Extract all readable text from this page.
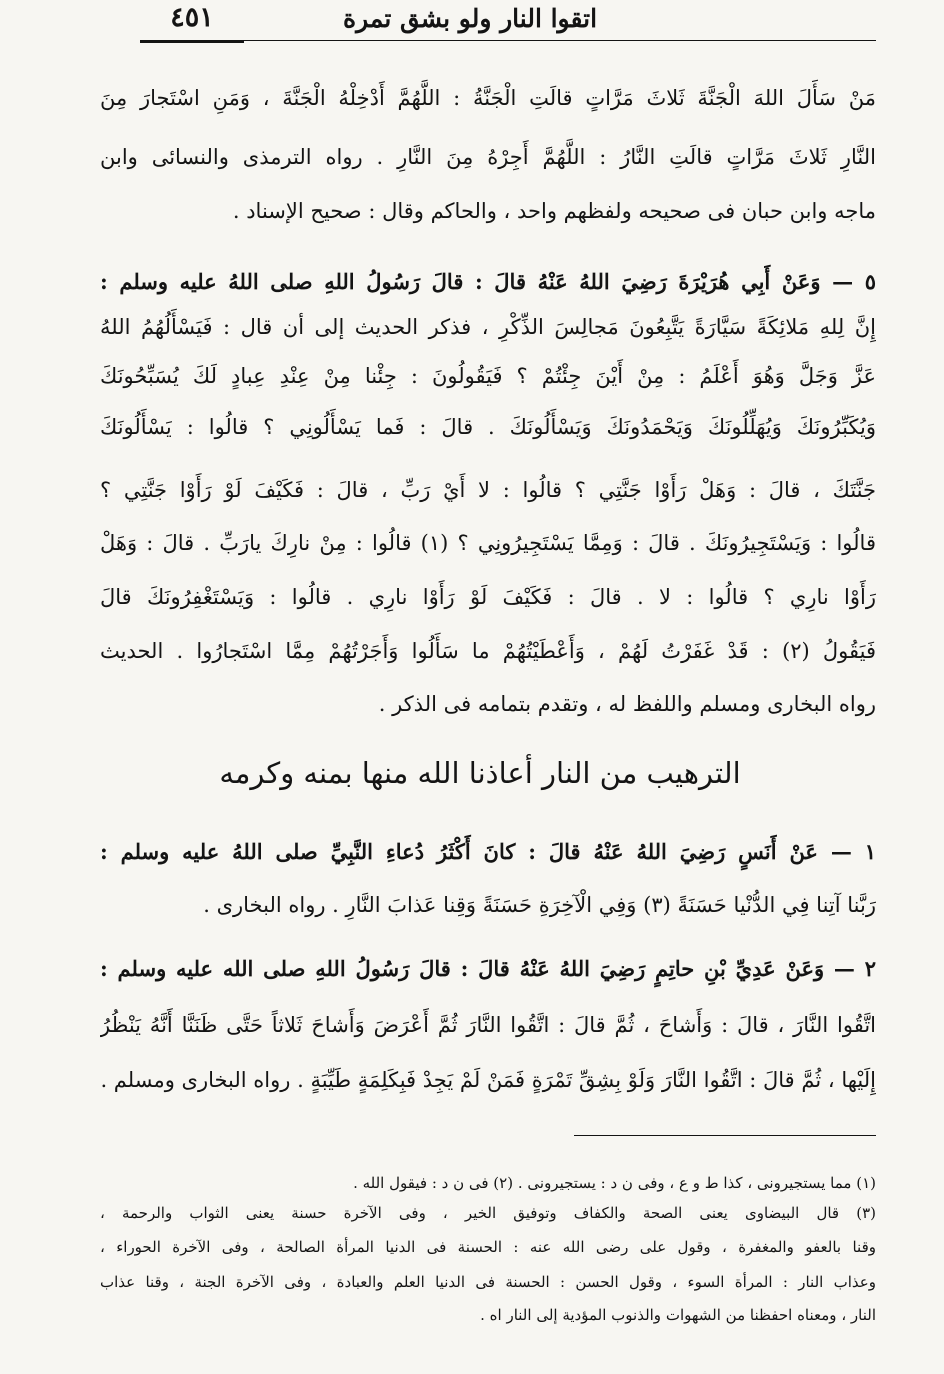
٤٥١	اتقوا النار ولو بشق تمرة
مَنْ سَأَلَ اللهَ الْجَنَّةَ ثَلاثَ مَرَّاتٍ قالَتِ الْجَنَّةُ : اللَّهُمَّ أَدْخِلْهُ الْجَنَّةَ ، وَمَنِ اسْتَجارَ مِنَ
النَّارِ ثَلاثَ مَرَّاتٍ قالَتِ النَّارُ : اللَّهُمَّ أَجِرْهُ مِنَ النَّارِ . رواه الترمذى والنسائى وابن
ماجه وابن حبان فى صحيحه ولفظهم واحد ، والحاكم وقال : صحيح الإسناد .
٥ — وَعَنْ أَبِي هُرَيْرَةَ رَضِيَ اللهُ عَنْهُ قالَ : قالَ رَسُولُ اللهِ صلى اللهُ عليه وسلم :
إِنَّ لِلهِ مَلائِكَةً سَيَّارَةً يَتَّبِعُونَ مَجالِسَ الذِّكْرِ ، فذكر الحديث إلى أن قال : فَيَسْأَلُهُمُ اللهُ
عَزَّ وَجَلَّ وَهُوَ أَعْلَمُ : مِنْ أَيْنَ جِئْتُمْ ؟ فَيَقُولُونَ : جِئْنا مِنْ عِنْدِ عِبادٍ لَكَ يُسَبِّحُونَكَ
وَيُكَبِّرُونَكَ وَيُهَلِّلُونَكَ وَيَحْمَدُونَكَ وَيَسْأَلُونَكَ . قالَ : فَما يَسْأَلُونِي ؟ قالُوا : يَسْأَلُونَكَ
جَنَّتَكَ ، قالَ : وَهَلْ رَأَوْا جَنَّتِي ؟ قالُوا : لا أَيْ رَبِّ ، قالَ : فَكَيْفَ لَوْ رَأَوْا جَنَّتِي ؟
قالُوا : وَيَسْتَجِيرُونَكَ . قالَ : وَمِمَّا يَسْتَجِيرُونِي ؟ (١) قالُوا : مِنْ نارِكَ يارَبِّ . قالَ : وَهَلْ
رَأَوْا نارِي ؟ قالُوا : لا . قالَ : فَكَيْفَ لَوْ رَأَوْا نارِي . قالُوا : وَيَسْتَغْفِرُونَكَ قالَ
فَيَقُولُ (٢) : قَدْ غَفَرْتُ لَهُمْ ، وَأَعْطَيْتُهُمْ ما سَأَلُوا وَأَجَرْتُهُمْ مِمَّا اسْتَجارُوا . الحديث
رواه البخارى ومسلم واللفظ له ، وتقدم بتمامه فى الذكر .
الترهيب من النار أعاذنا الله منها بمنه وكرمه
١ — عَنْ أَنَسٍ رَضِيَ اللهُ عَنْهُ قالَ : كانَ أَكْثَرُ دُعاءِ النَّبِيِّ صلى اللهُ عليه وسلم :
رَبَّنا آتِنا فِي الدُّنْيا حَسَنَةً (٣) وَفِي الْآخِرَةِ حَسَنَةً وَقِنا عَذابَ النَّارِ . رواه البخارى .
٢ — وَعَنْ عَدِيِّ بْنِ حاتِمٍ رَضِيَ اللهُ عَنْهُ قالَ : قالَ رَسُولُ اللهِ صلى الله عليه وسلم :
اتَّقُوا النَّارَ ، قالَ : وَأَشاحَ ، ثُمَّ قالَ : اتَّقُوا النَّارَ ثُمَّ أَعْرَضَ وَأَشاحَ ثَلاثاً حَتَّى ظَنَنَّا أَنَّهُ يَنْظُرُ
إِلَيْها ، ثُمَّ قالَ : اتَّقُوا النَّارَ وَلَوْ بِشِقِّ تَمْرَةٍ فَمَنْ لَمْ يَجِدْ فَبِكَلِمَةٍ طَيِّبَةٍ . رواه البخارى ومسلم .
(١) مما يستجيرونى ، كذا ط و ع ، وفى ن د : يستجيرونى . (٢) فى ن د : فيقول الله .
(٣) قال البيضاوى يعنى الصحة والكفاف وتوفيق الخير ، وفى الآخرة حسنة يعنى الثواب والرحمة ،
وقنا بالعفو والمغفرة ، وقول على رضى الله عنه : الحسنة فى الدنيا المرأة الصالحة ، وفى الآخرة الحوراء ،
وعذاب النار : المرأة السوء ، وقول الحسن : الحسنة فى الدنيا العلم والعبادة ، وفى الآخرة الجنة ، وقنا عذاب
النار ، ومعناه احفظنا من الشهوات والذنوب المؤدية إلى النار اه .
